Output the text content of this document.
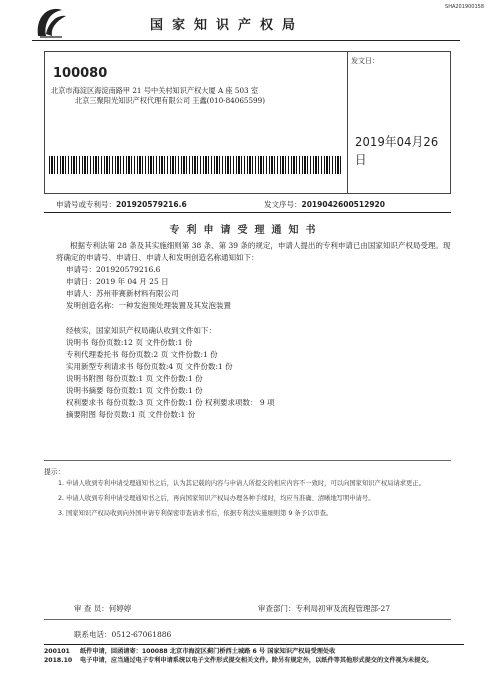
SHA201900158
国家知识产权局
100080
北京市海淀区海淀南路甲 21 号中关村知识产权大厦 A 座 503 室
北京三聚阳光知识产权代理有限公司 王鑫(010-84065599)
发文日：
2019年04月26日
申请号或专利号：201920579216.6	发文序号：2019042600512920
专利申请受理通知书

根据专利法第 28 条及其实施细则第 38 条、第 39 条的规定，申请人提出的专利申请已由国家知识产权局受理。现将确定的申请号、申请日、申请人和发明创造名称通知如下：

申请号：201920579216.6

申请日：2019 年 04 月 25 日

申请人：苏州菲赛新材料有限公司

发明创造名称：一种发泡预处理装置及其发泡装置

经核实，国家知识产权局确认收到文件如下：

说明书 每份页数:12 页 文件份数:1 份

专利代理委托书 每份页数:2 页 文件份数:1 份

实用新型专利请求书 每份页数:4 页 文件份数:1 份

说明书附图 每份页数:1 页 文件份数:1 份

说明书摘要 每份页数:1 页 文件份数:1 份

权利要求书 每份页数:3 页 文件份数:1 份 权利要求项数： 9 项

摘要附图 每份页数:1 页 文件份数:1 份

提示：

1. 申请人收到专利申请受理通知书之后，认为其记载的内容与申请人所提交的相应内容不一致时，可以向国家知识产权局请求更正。

2. 申请人收到专利申请受理通知书之后，再向国家知识产权局办理各种手续时，均应当准确、清晰地写明申请号。

3. 国家知识产权局收到向外国申请专利保密审查请求书后，依据专利法实施细则第 9 条予以审查。

审 查 员：何婷婷	审查部门：专利局初审及流程管理部-27
联系电话：0512-67061886
200101	纸件申请，回函请寄：100088 北京市海淀区蓟门桥西土城路 6 号 国家知识产权局受理处收
2018.10	电子申请，应当通过电子专利申请系统以电子文件形式提交相关文件。除另有规定外，以纸件等其他形式提交的文件视为未提交。
